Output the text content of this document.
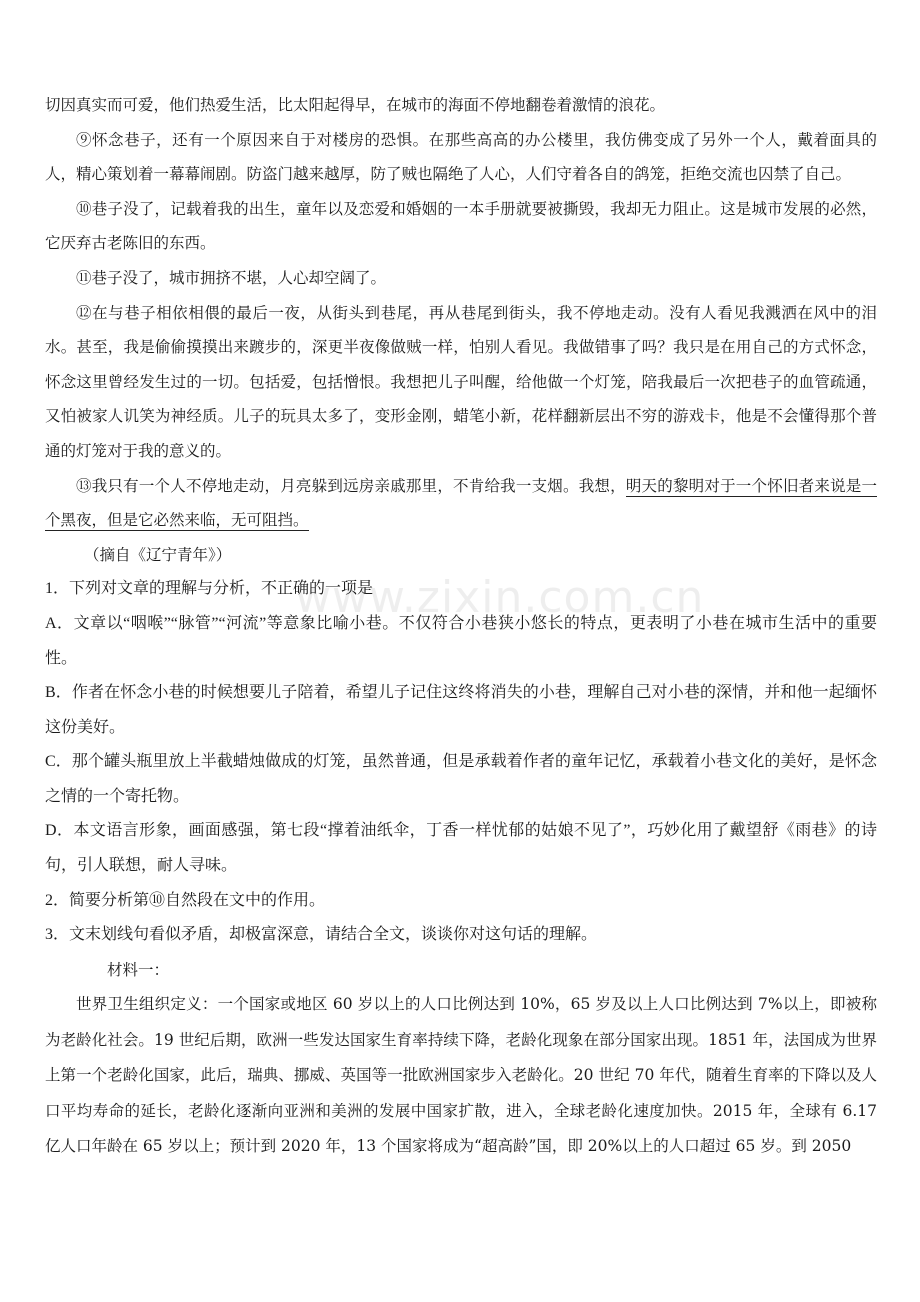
www.zixin.com.cn

切因真实而可爱，他们热爱生活，比太阳起得早，在城市的海面不停地翻卷着激情的浪花。

⑨怀念巷子，还有一个原因来自于对楼房的恐惧。在那些高高的办公楼里，我仿佛变成了另外一个人，戴着面具的人，精心策划着一幕幕闹剧。防盗门越来越厚，防了贼也隔绝了人心，人们守着各自的鸽笼，拒绝交流也囚禁了自己。

⑩巷子没了，记载着我的出生，童年以及恋爱和婚姻的一本手册就要被撕毁，我却无力阻止。这是城市发展的必然，它厌弃古老陈旧的东西。

⑪巷子没了，城市拥挤不堪，人心却空阔了。

⑫在与巷子相依相偎的最后一夜，从街头到巷尾，再从巷尾到街头，我不停地走动。没有人看见我溅洒在风中的泪水。甚至，我是偷偷摸摸出来踱步的，深更半夜像做贼一样，怕别人看见。我做错事了吗？我只是在用自己的方式怀念，怀念这里曾经发生过的一切。包括爱，包括憎恨。我想把儿子叫醒，给他做一个灯笼，陪我最后一次把巷子的血管疏通，又怕被家人讥笑为神经质。儿子的玩具太多了，变形金刚，蜡笔小新，花样翻新层出不穷的游戏卡，他是不会懂得那个普通的灯笼对于我的意义的。

⑬我只有一个人不停地走动，月亮躲到远房亲戚那里，不肯给我一支烟。我想，明天的黎明对于一个怀旧者来说是一个黑夜，但是它必然来临，无可阻挡。

（摘自《辽宁青年》）

1．下列对文章的理解与分析，不正确的一项是

A．文章以“咽喉”“脉管”“河流”等意象比喻小巷。不仅符合小巷狭小悠长的特点，更表明了小巷在城市生活中的重要性。

B．作者在怀念小巷的时候想要儿子陪着，希望儿子记住这终将消失的小巷，理解自己对小巷的深情，并和他一起缅怀这份美好。

C．那个罐头瓶里放上半截蜡烛做成的灯笼，虽然普通，但是承载着作者的童年记忆，承载着小巷文化的美好，是怀念之情的一个寄托物。

D．本文语言形象，画面感强，第七段“撑着油纸伞，丁香一样忧郁的姑娘不见了”，巧妙化用了戴望舒《雨巷》的诗句，引人联想，耐人寻味。

2．简要分析第⑩自然段在文中的作用。

3．文末划线句看似矛盾，却极富深意，请结合全文，谈谈你对这句话的理解。

材料一：

世界卫生组织定义：一个国家或地区 60 岁以上的人口比例达到 10%，65 岁及以上人口比例达到 7%以上，即被称为老龄化社会。19 世纪后期，欧洲一些发达国家生育率持续下降，老龄化现象在部分国家出现。1851 年，法国成为世界上第一个老龄化国家，此后，瑞典、挪威、英国等一批欧洲国家步入老龄化。20 世纪 70 年代，随着生育率的下降以及人口平均寿命的延长，老龄化逐渐向亚洲和美洲的发展中国家扩散，进入，全球老龄化速度加快。2015 年，全球有 6.17 亿人口年龄在 65 岁以上；预计到 2020 年，13 个国家将成为“超高龄”国，即 20%以上的人口超过 65 岁。到 2050
